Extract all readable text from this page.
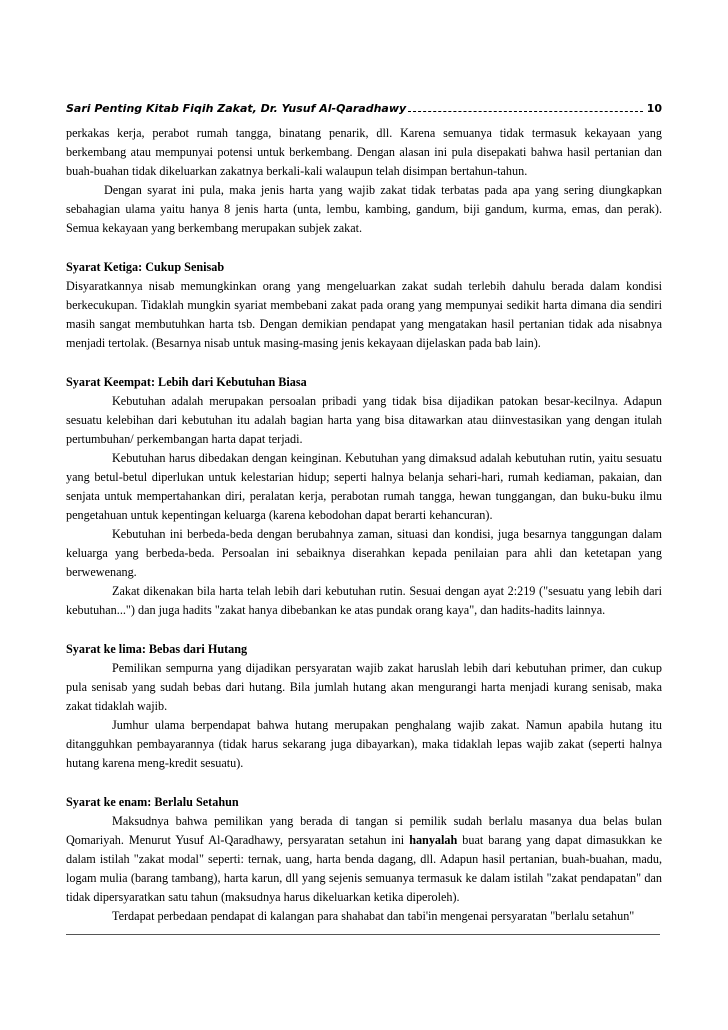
Sari Penting Kitab Fiqih Zakat, Dr. Yusuf Al-Qaradhawy	10

perkakas kerja, perabot rumah tangga, binatang penarik, dll. Karena semuanya tidak termasuk kekayaan yang berkembang atau mempunyai potensi untuk berkembang. Dengan alasan ini pula disepakati bahwa hasil pertanian dan buah-buahan tidak dikeluarkan zakatnya berkali-kali walaupun telah disimpan bertahun-tahun.

Dengan syarat ini pula, maka jenis harta yang wajib zakat tidak terbatas pada apa yang sering diungkapkan sebahagian ulama yaitu hanya 8 jenis harta (unta, lembu, kambing, gandum, biji gandum, kurma, emas, dan perak). Semua kekayaan yang berkembang merupakan subjek zakat.

Syarat Ketiga: Cukup Senisab

Disyaratkannya nisab memungkinkan orang yang mengeluarkan zakat sudah terlebih dahulu berada dalam kondisi berkecukupan. Tidaklah mungkin syariat membebani zakat pada orang yang mempunyai sedikit harta dimana dia sendiri masih sangat membutuhkan harta tsb. Dengan demikian pendapat yang mengatakan hasil pertanian tidak ada nisabnya menjadi tertolak. (Besarnya nisab untuk masing-masing jenis kekayaan dijelaskan pada bab lain).

Syarat Keempat: Lebih dari Kebutuhan Biasa

Kebutuhan adalah merupakan persoalan pribadi yang tidak bisa dijadikan patokan besar-kecilnya. Adapun sesuatu kelebihan dari kebutuhan itu adalah bagian harta yang bisa ditawarkan atau diinvestasikan yang dengan itulah pertumbuhan/ perkembangan harta dapat terjadi.

Kebutuhan harus dibedakan dengan keinginan. Kebutuhan yang dimaksud adalah kebutuhan rutin, yaitu sesuatu yang betul-betul diperlukan untuk kelestarian hidup; seperti halnya belanja sehari-hari, rumah kediaman, pakaian, dan senjata untuk mempertahankan diri, peralatan kerja, perabotan rumah tangga, hewan tunggangan, dan buku-buku ilmu pengetahuan untuk kepentingan keluarga (karena kebodohan dapat berarti kehancuran).

Kebutuhan ini berbeda-beda dengan berubahnya zaman, situasi dan kondisi, juga besarnya tanggungan dalam keluarga yang berbeda-beda. Persoalan ini sebaiknya diserahkan kepada penilaian para ahli dan ketetapan yang berwewenang.

Zakat dikenakan bila harta telah lebih dari kebutuhan rutin. Sesuai dengan ayat 2:219 ("sesuatu yang lebih dari kebutuhan...") dan juga hadits "zakat hanya dibebankan ke atas pundak orang kaya", dan hadits-hadits lainnya.

Syarat ke lima: Bebas dari Hutang

Pemilikan sempurna yang dijadikan persyaratan wajib zakat haruslah lebih dari kebutuhan primer, dan cukup pula senisab yang sudah bebas dari hutang. Bila jumlah hutang akan mengurangi harta menjadi kurang senisab, maka zakat tidaklah wajib.

Jumhur ulama berpendapat bahwa hutang merupakan penghalang wajib zakat. Namun apabila hutang itu ditangguhkan pembayarannya (tidak harus sekarang juga dibayarkan), maka tidaklah lepas wajib zakat (seperti halnya hutang karena meng-kredit sesuatu).

Syarat ke enam: Berlalu Setahun

Maksudnya bahwa pemilikan yang berada di tangan si pemilik sudah berlalu masanya dua belas bulan Qomariyah. Menurut Yusuf Al-Qaradhawy, persyaratan setahun ini hanyalah buat barang yang dapat dimasukkan ke dalam istilah "zakat modal" seperti: ternak, uang, harta benda dagang, dll. Adapun hasil pertanian, buah-buahan, madu, logam mulia (barang tambang), harta karun, dll yang sejenis semuanya termasuk ke dalam istilah "zakat pendapatan" dan tidak dipersyaratkan satu tahun (maksudnya harus dikeluarkan ketika diperoleh).

Terdapat perbedaan pendapat di kalangan para shahabat dan tabi'in mengenai persyaratan "berlalu setahun"
